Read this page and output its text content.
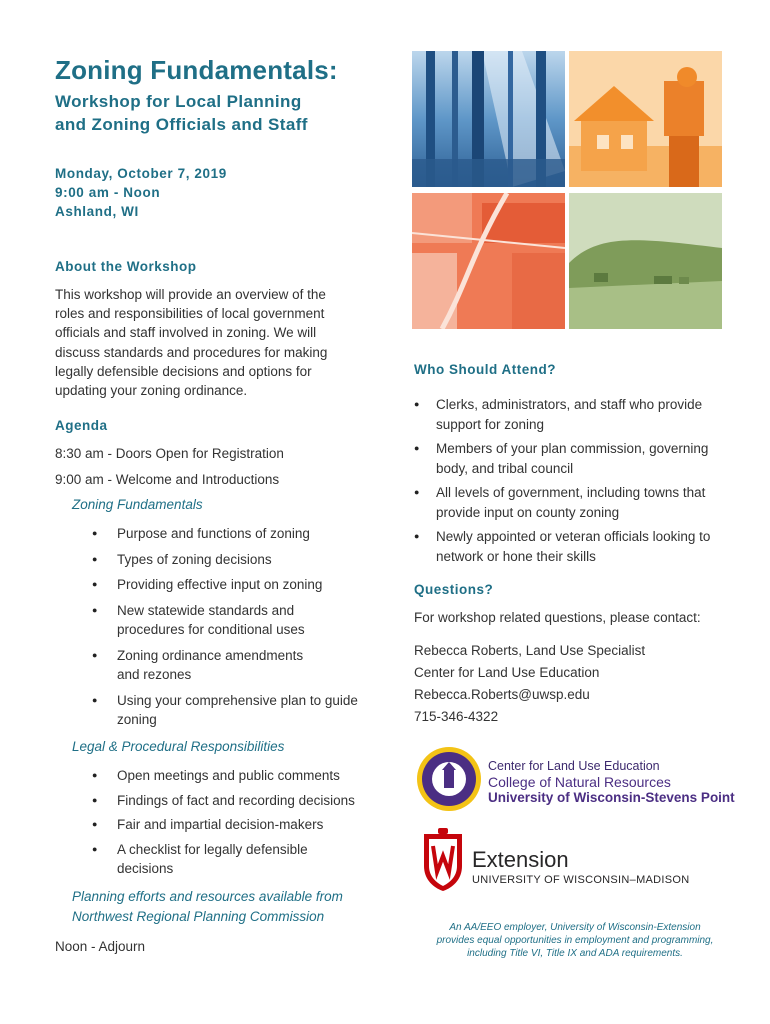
Zoning Fundamentals:
Workshop for Local Planning
and Zoning Officials and Staff
Monday, October 7, 2019
9:00 am - Noon
Ashland, WI
About the Workshop
This workshop will provide an overview of the roles and responsibilities of local government officials and staff involved in zoning. We will discuss standards and procedures for making legally defensible decisions and options for updating your zoning ordinance.
Agenda
8:30 am - Doors Open for Registration
9:00 am - Welcome and Introductions
Zoning Fundamentals
● Purpose and functions of zoning
● Types of zoning decisions
● Providing effective input on zoning
● New statewide standards and procedures for conditional uses
● Zoning ordinance amendments and rezones
● Using your comprehensive plan to guide zoning
Legal & Procedural Responsibilities
● Open meetings and public comments
● Findings of fact and recording decisions
● Fair and impartial decision-makers
● A checklist for legally defensible decisions
Planning efforts and resources available from Northwest Regional Planning Commission
Noon - Adjourn
Who Should Attend?
● Clerks, administrators, and staff who provide support for zoning
● Members of your plan commission, governing body, and tribal council
● All levels of government, including towns that provide input on county zoning
● Newly appointed or veteran officials looking to network or hone their skills
Questions?
For workshop related questions, please contact:
Rebecca Roberts, Land Use Specialist
Center for Land Use Education
Rebecca.Roberts@uwsp.edu
715-346-4322
Center for Land Use Education
College of Natural Resources
University of Wisconsin-Stevens Point
Extension
UNIVERSITY OF WISCONSIN–MADISON
An AA/EEO employer, University of Wisconsin-Extension
provides equal opportunities in employment and programming,
including Title VI, Title IX and ADA requirements.
